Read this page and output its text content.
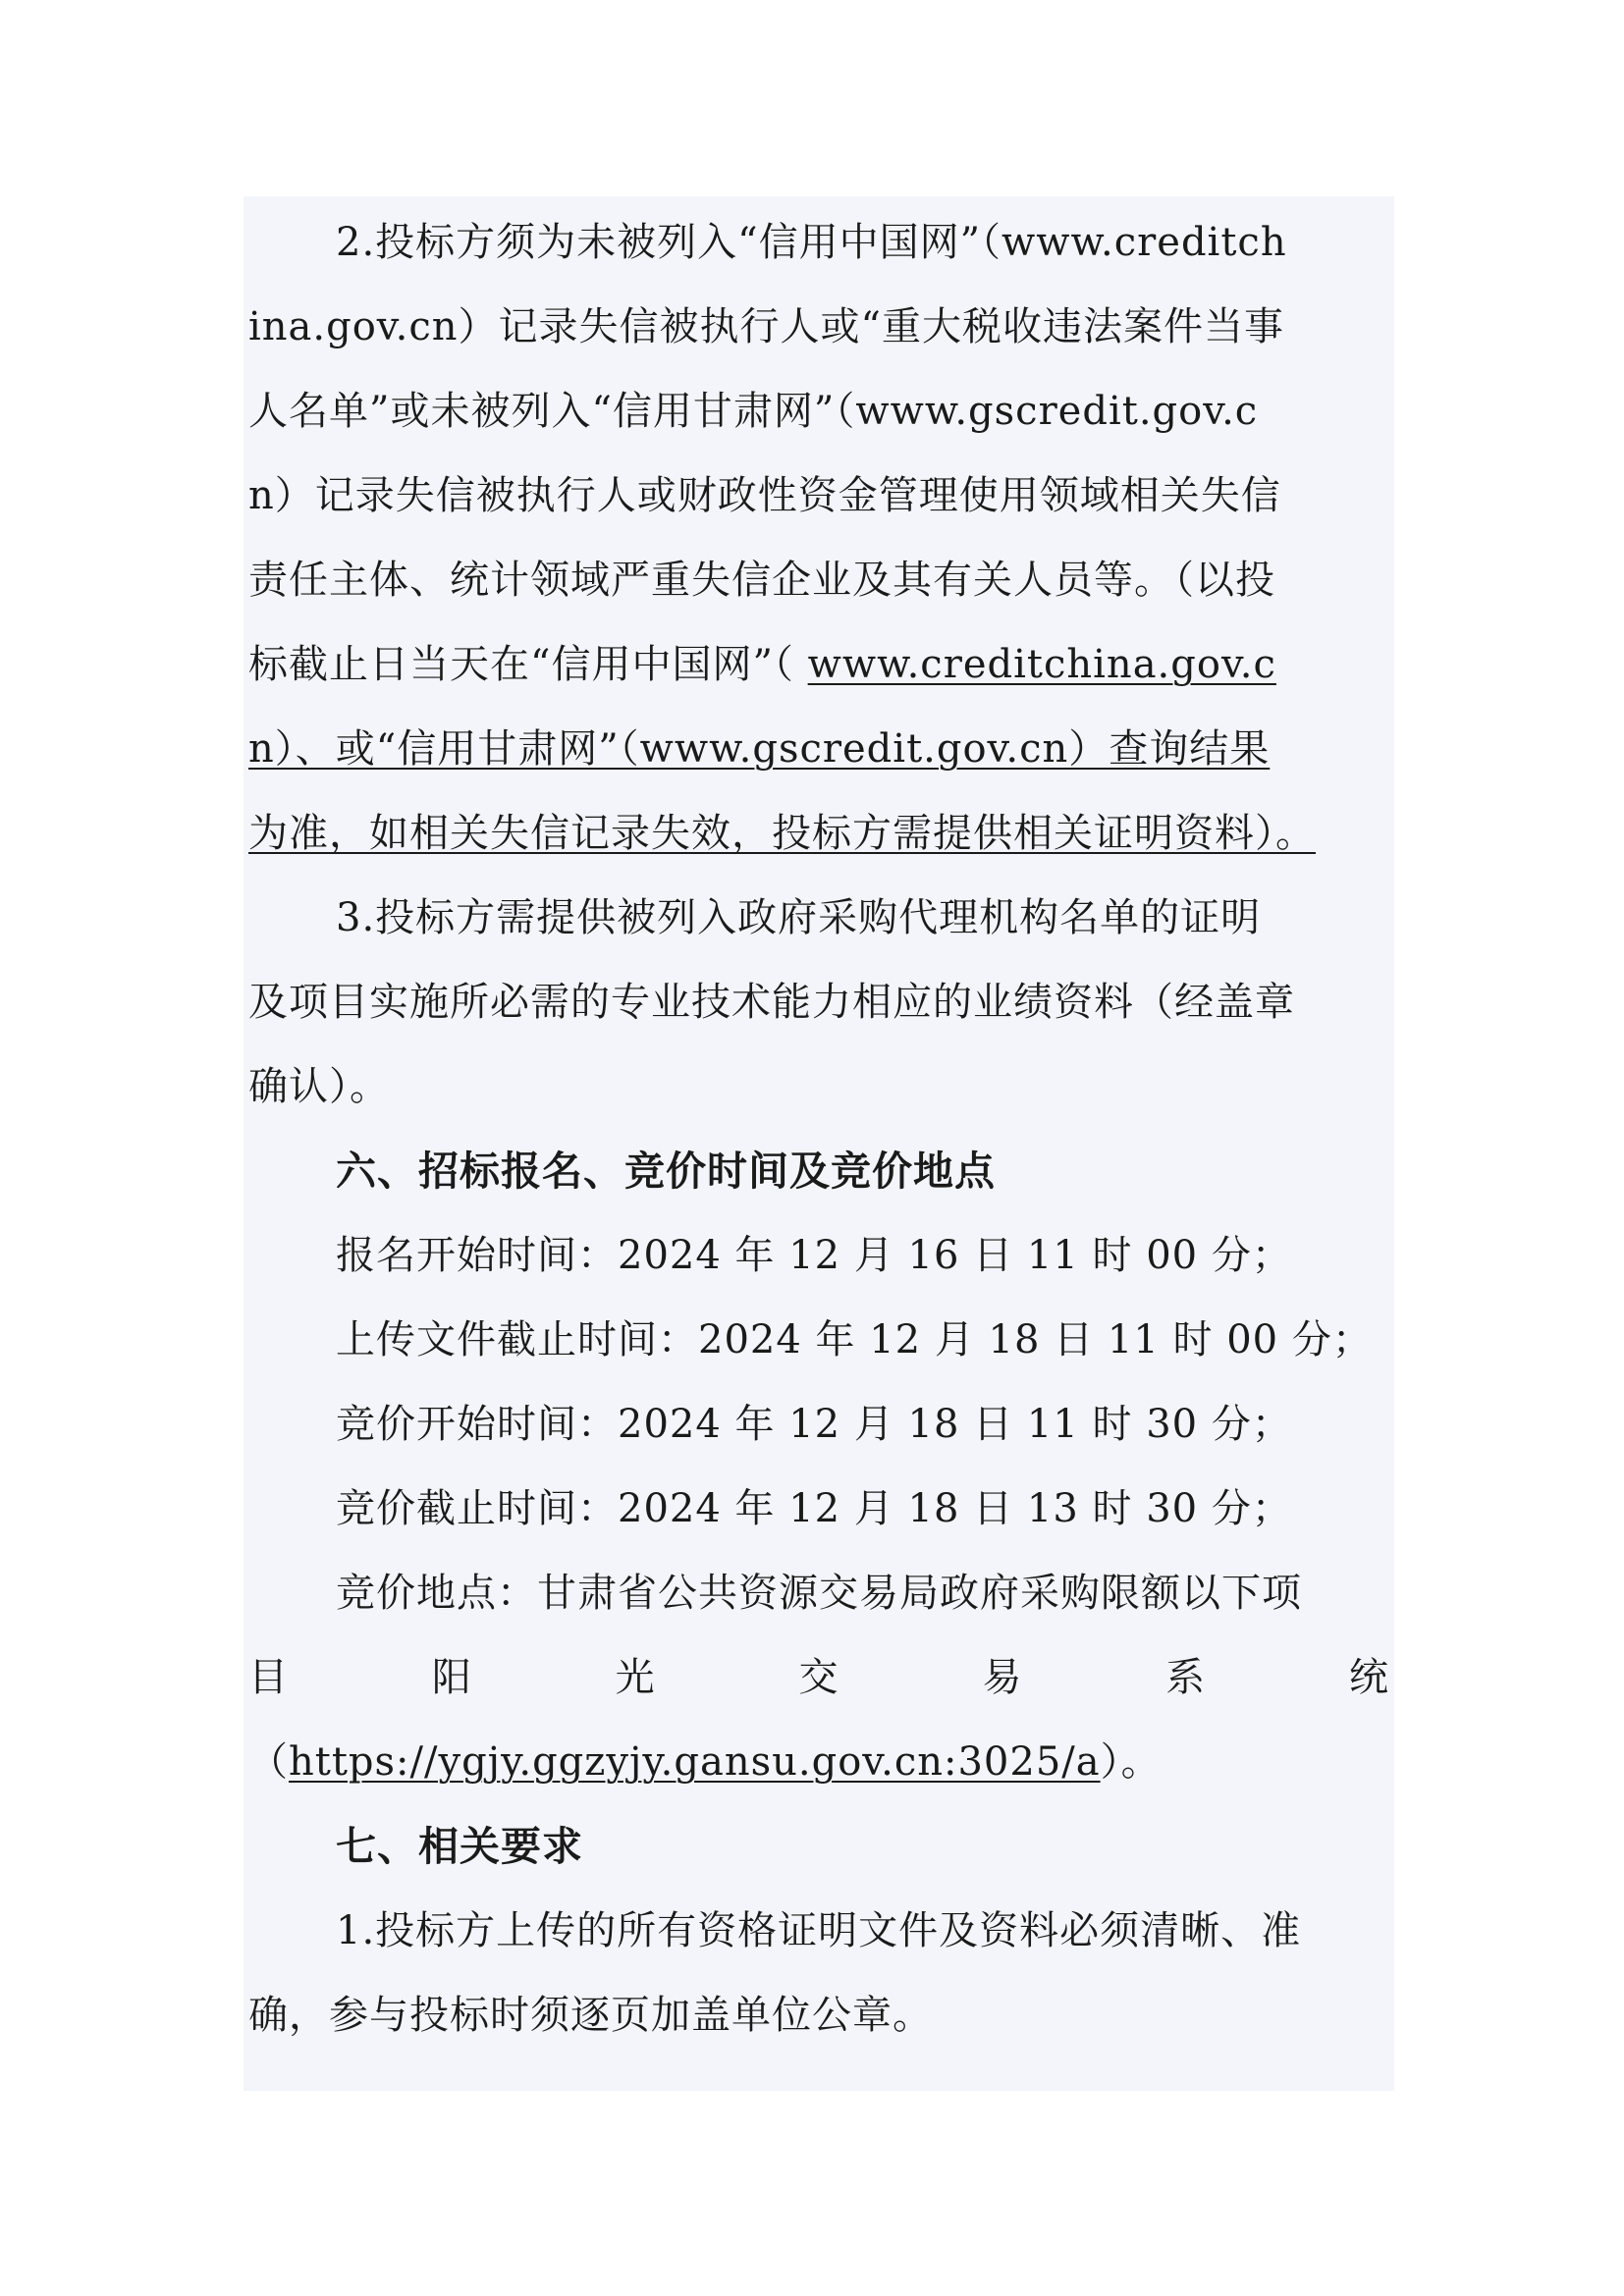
2.投标方须为未被列入“信用中国网”（www.creditch
ina.gov.cn）记录失信被执行人或“重大税收违法案件当事
人名单”或未被列入“信用甘肃网”（www.gscredit.gov.c
n）记录失信被执行人或财政性资金管理使用领域相关失信
责任主体、统计领域严重失信企业及其有关人员等。（以投
标截止日当天在“信用中国网”（ www.creditchina.gov.c
n）、或“信用甘肃网”（www.gscredit.gov.cn）查询结果
为准，如相关失信记录失效，投标方需提供相关证明资料）。
3.投标方需提供被列入政府采购代理机构名单的证明
及项目实施所必需的专业技术能力相应的业绩资料（经盖章
确认）。
六、招标报名、竞价时间及竞价地点
报名开始时间：2024 年 12 月 16 日 11 时 00 分；
上传文件截止时间：2024 年 12 月 18 日 11 时 00 分；
竞价开始时间：2024 年 12 月 18 日 11 时 30 分；
竞价截止时间：2024 年 12 月 18 日 13 时 30 分；
竞价地点：甘肃省公共资源交易局政府采购限额以下项
目	阳	光	交	易	系	统
（https://ygjy.ggzyjy.gansu.gov.cn:3025/a）。
七、相关要求
1.投标方上传的所有资格证明文件及资料必须清晰、准
确，参与投标时须逐页加盖单位公章。
